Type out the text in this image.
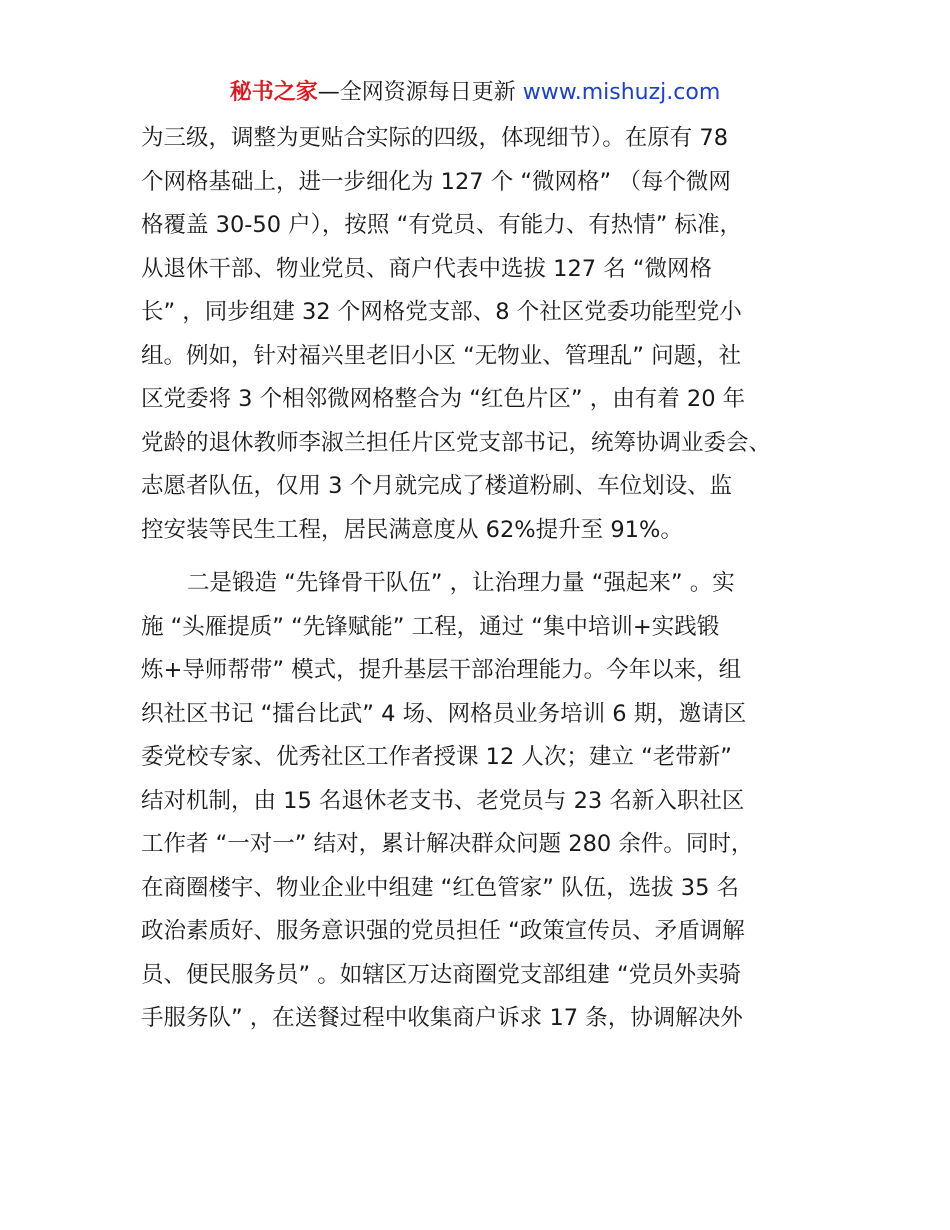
秘书之家—全网资源每日更新 www.mishuzj.com
为三级，调整为更贴合实际的四级，体现细节）。在原有 78
个网格基础上，进一步细化为 127 个 “微网格” （每个微网
格覆盖 30-50 户），按照 “有党员、有能力、有热情” 标准，
从退休干部、物业党员、商户代表中选拔 127 名 “微网格
长” ，同步组建 32 个网格党支部、8 个社区党委功能型党小
组。例如，针对福兴里老旧小区 “无物业、管理乱” 问题，社
区党委将 3 个相邻微网格整合为 “红色片区” ，由有着 20 年
党龄的退休教师李淑兰担任片区党支部书记，统筹协调业委会、
志愿者队伍，仅用 3 个月就完成了楼道粉刷、车位划设、监
控安装等民生工程，居民满意度从 62%提升至 91%。
二是锻造 “先锋骨干队伍” ，让治理力量 “强起来” 。实
施 “头雁提质” “先锋赋能” 工程，通过 “集中培训+实践锻
炼+导师帮带” 模式，提升基层干部治理能力。今年以来，组
织社区书记 “擂台比武” 4 场、网格员业务培训 6 期，邀请区
委党校专家、优秀社区工作者授课 12 人次；建立 “老带新”
结对机制，由 15 名退休老支书、老党员与 23 名新入职社区
工作者 “一对一” 结对，累计解决群众问题 280 余件。同时，
在商圈楼宇、物业企业中组建 “红色管家” 队伍，选拔 35 名
政治素质好、服务意识强的党员担任 “政策宣传员、矛盾调解
员、便民服务员” 。如辖区万达商圈党支部组建 “党员外卖骑
手服务队” ，在送餐过程中收集商户诉求 17 条，协调解决外
